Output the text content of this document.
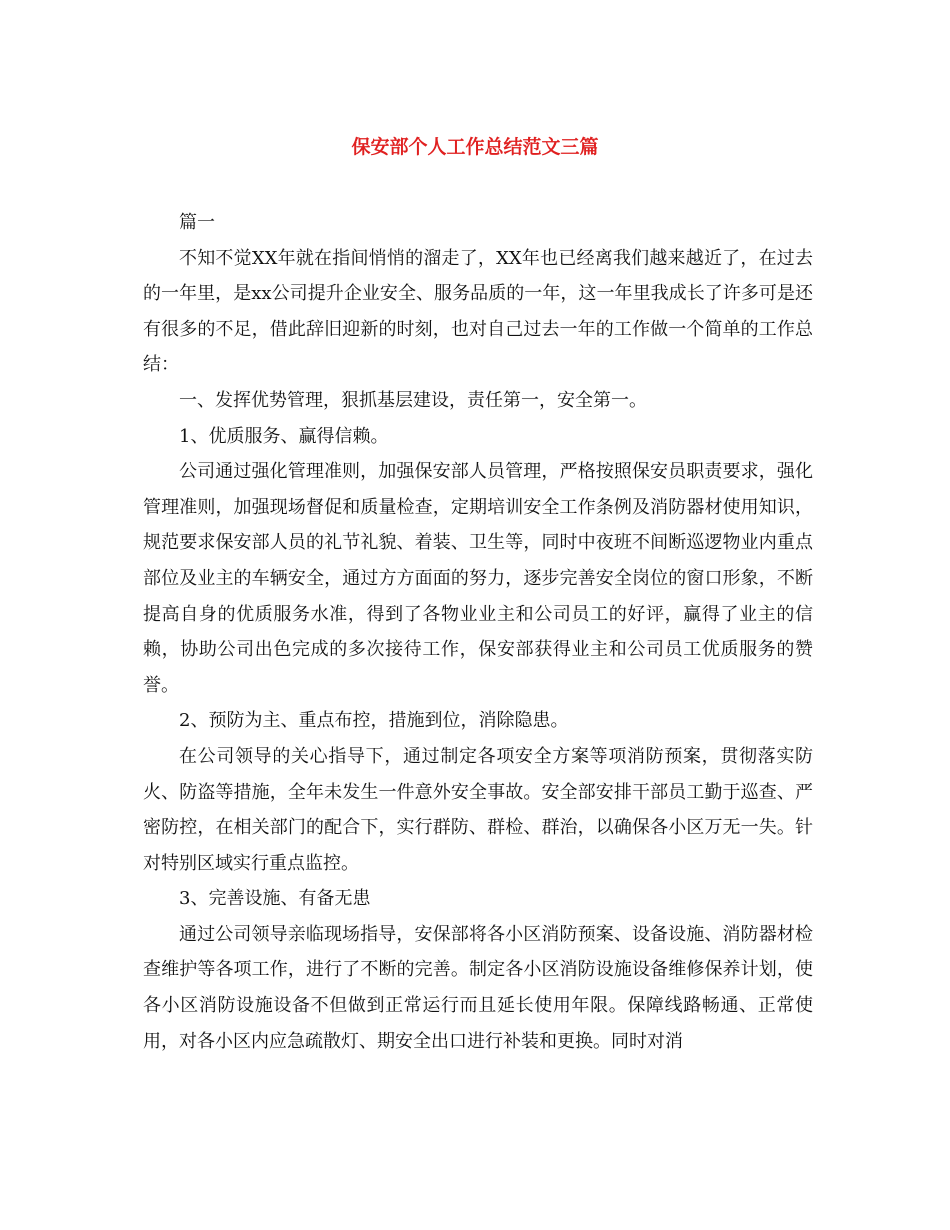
保安部个人工作总结范文三篇

篇一

不知不觉XX年就在指间悄悄的溜走了，XX年也已经离我们越来越近了，在过去的一年里，是xx公司提升企业安全、服务品质的一年，这一年里我成长了许多可是还有很多的不足，借此辞旧迎新的时刻，也对自己过去一年的工作做一个简单的工作总结：

一、发挥优势管理，狠抓基层建设，责任第一，安全第一。

1、优质服务、赢得信赖。

公司通过强化管理准则，加强保安部人员管理，严格按照保安员职责要求，强化管理准则，加强现场督促和质量检查，定期培训安全工作条例及消防器材使用知识，规范要求保安部人员的礼节礼貌、着装、卫生等，同时中夜班不间断巡逻物业内重点部位及业主的车辆安全，通过方方面面的努力，逐步完善安全岗位的窗口形象，不断提高自身的优质服务水准，得到了各物业业主和公司员工的好评，赢得了业主的信赖，协助公司出色完成的多次接待工作，保安部获得业主和公司员工优质服务的赞誉。

2、预防为主、重点布控，措施到位，消除隐患。

在公司领导的关心指导下，通过制定各项安全方案等项消防预案，贯彻落实防火、防盗等措施，全年未发生一件意外安全事故。安全部安排干部员工勤于巡查、严密防控，在相关部门的配合下，实行群防、群检、群治，以确保各小区万无一失。针对特别区域实行重点监控。

3、完善设施、有备无患

通过公司领导亲临现场指导，安保部将各小区消防预案、设备设施、消防器材检查维护等各项工作，进行了不断的完善。制定各小区消防设施设备维修保养计划，使各小区消防设施设备不但做到正常运行而且延长使用年限。保障线路畅通、正常使用，对各小区内应急疏散灯、期安全出口进行补装和更换。同时对消
